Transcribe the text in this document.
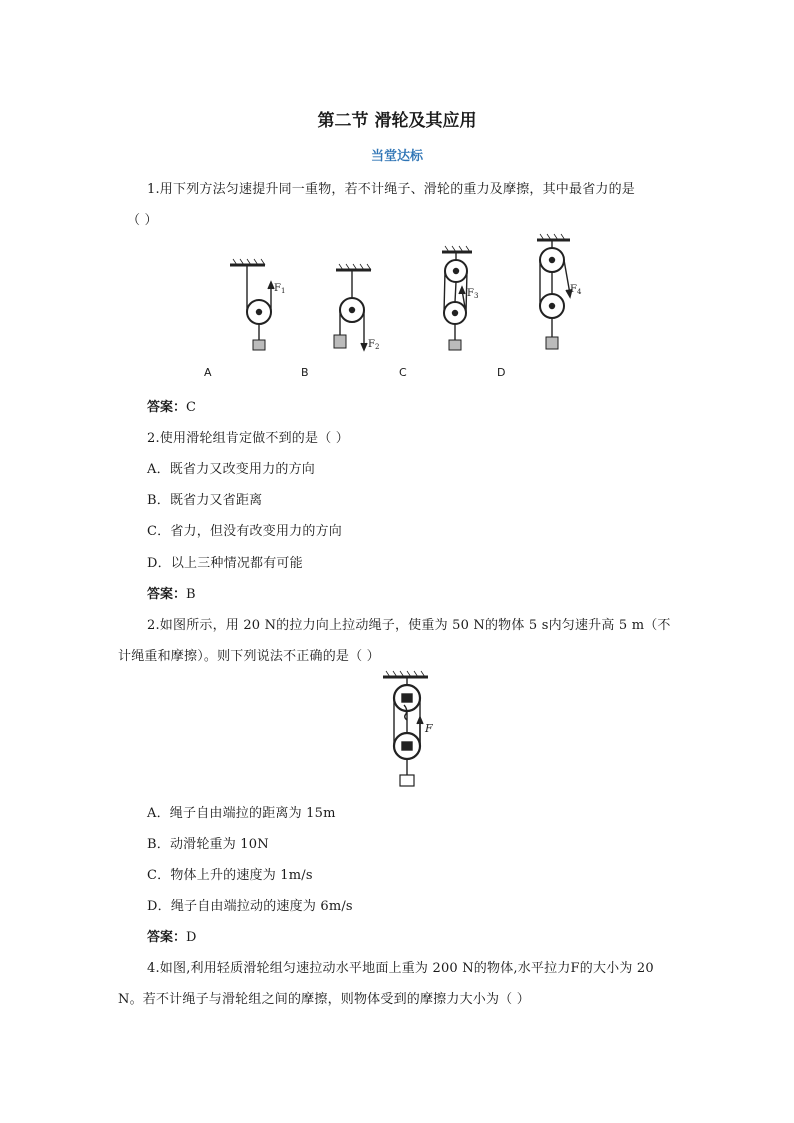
第二节 滑轮及其应用
当堂达标
1.用下列方法匀速提升同一重物，若不计绳子、滑轮的重力及摩擦，其中最省力的是
（ ）
$F_1$
$F_2$
$F_3$
$F_4$
A	B	C	D
答案：C
2.使用滑轮组肯定做不到的是（ ）
A．既省力又改变用力的方向
B．既省力又省距离
C．省力，但没有改变用力的方向
D．以上三种情况都有可能
答案：B
2.如图所示，用 20 N的拉力向上拉动绳子，使重为 50 N的物体 5 s内匀速升高 5 m（不
计绳重和摩擦）。则下列说法不正确的是（ ）
F
A．绳子自由端拉的距离为 15m
B．动滑轮重为 10N
C．物体上升的速度为 1m/s
D．绳子自由端拉动的速度为 6m/s
答案：D
4.如图,利用轻质滑轮组匀速拉动水平地面上重为 200 N的物体,水平拉力F的大小为 20
N。若不计绳子与滑轮组之间的摩擦，则物体受到的摩擦力大小为（ ）
